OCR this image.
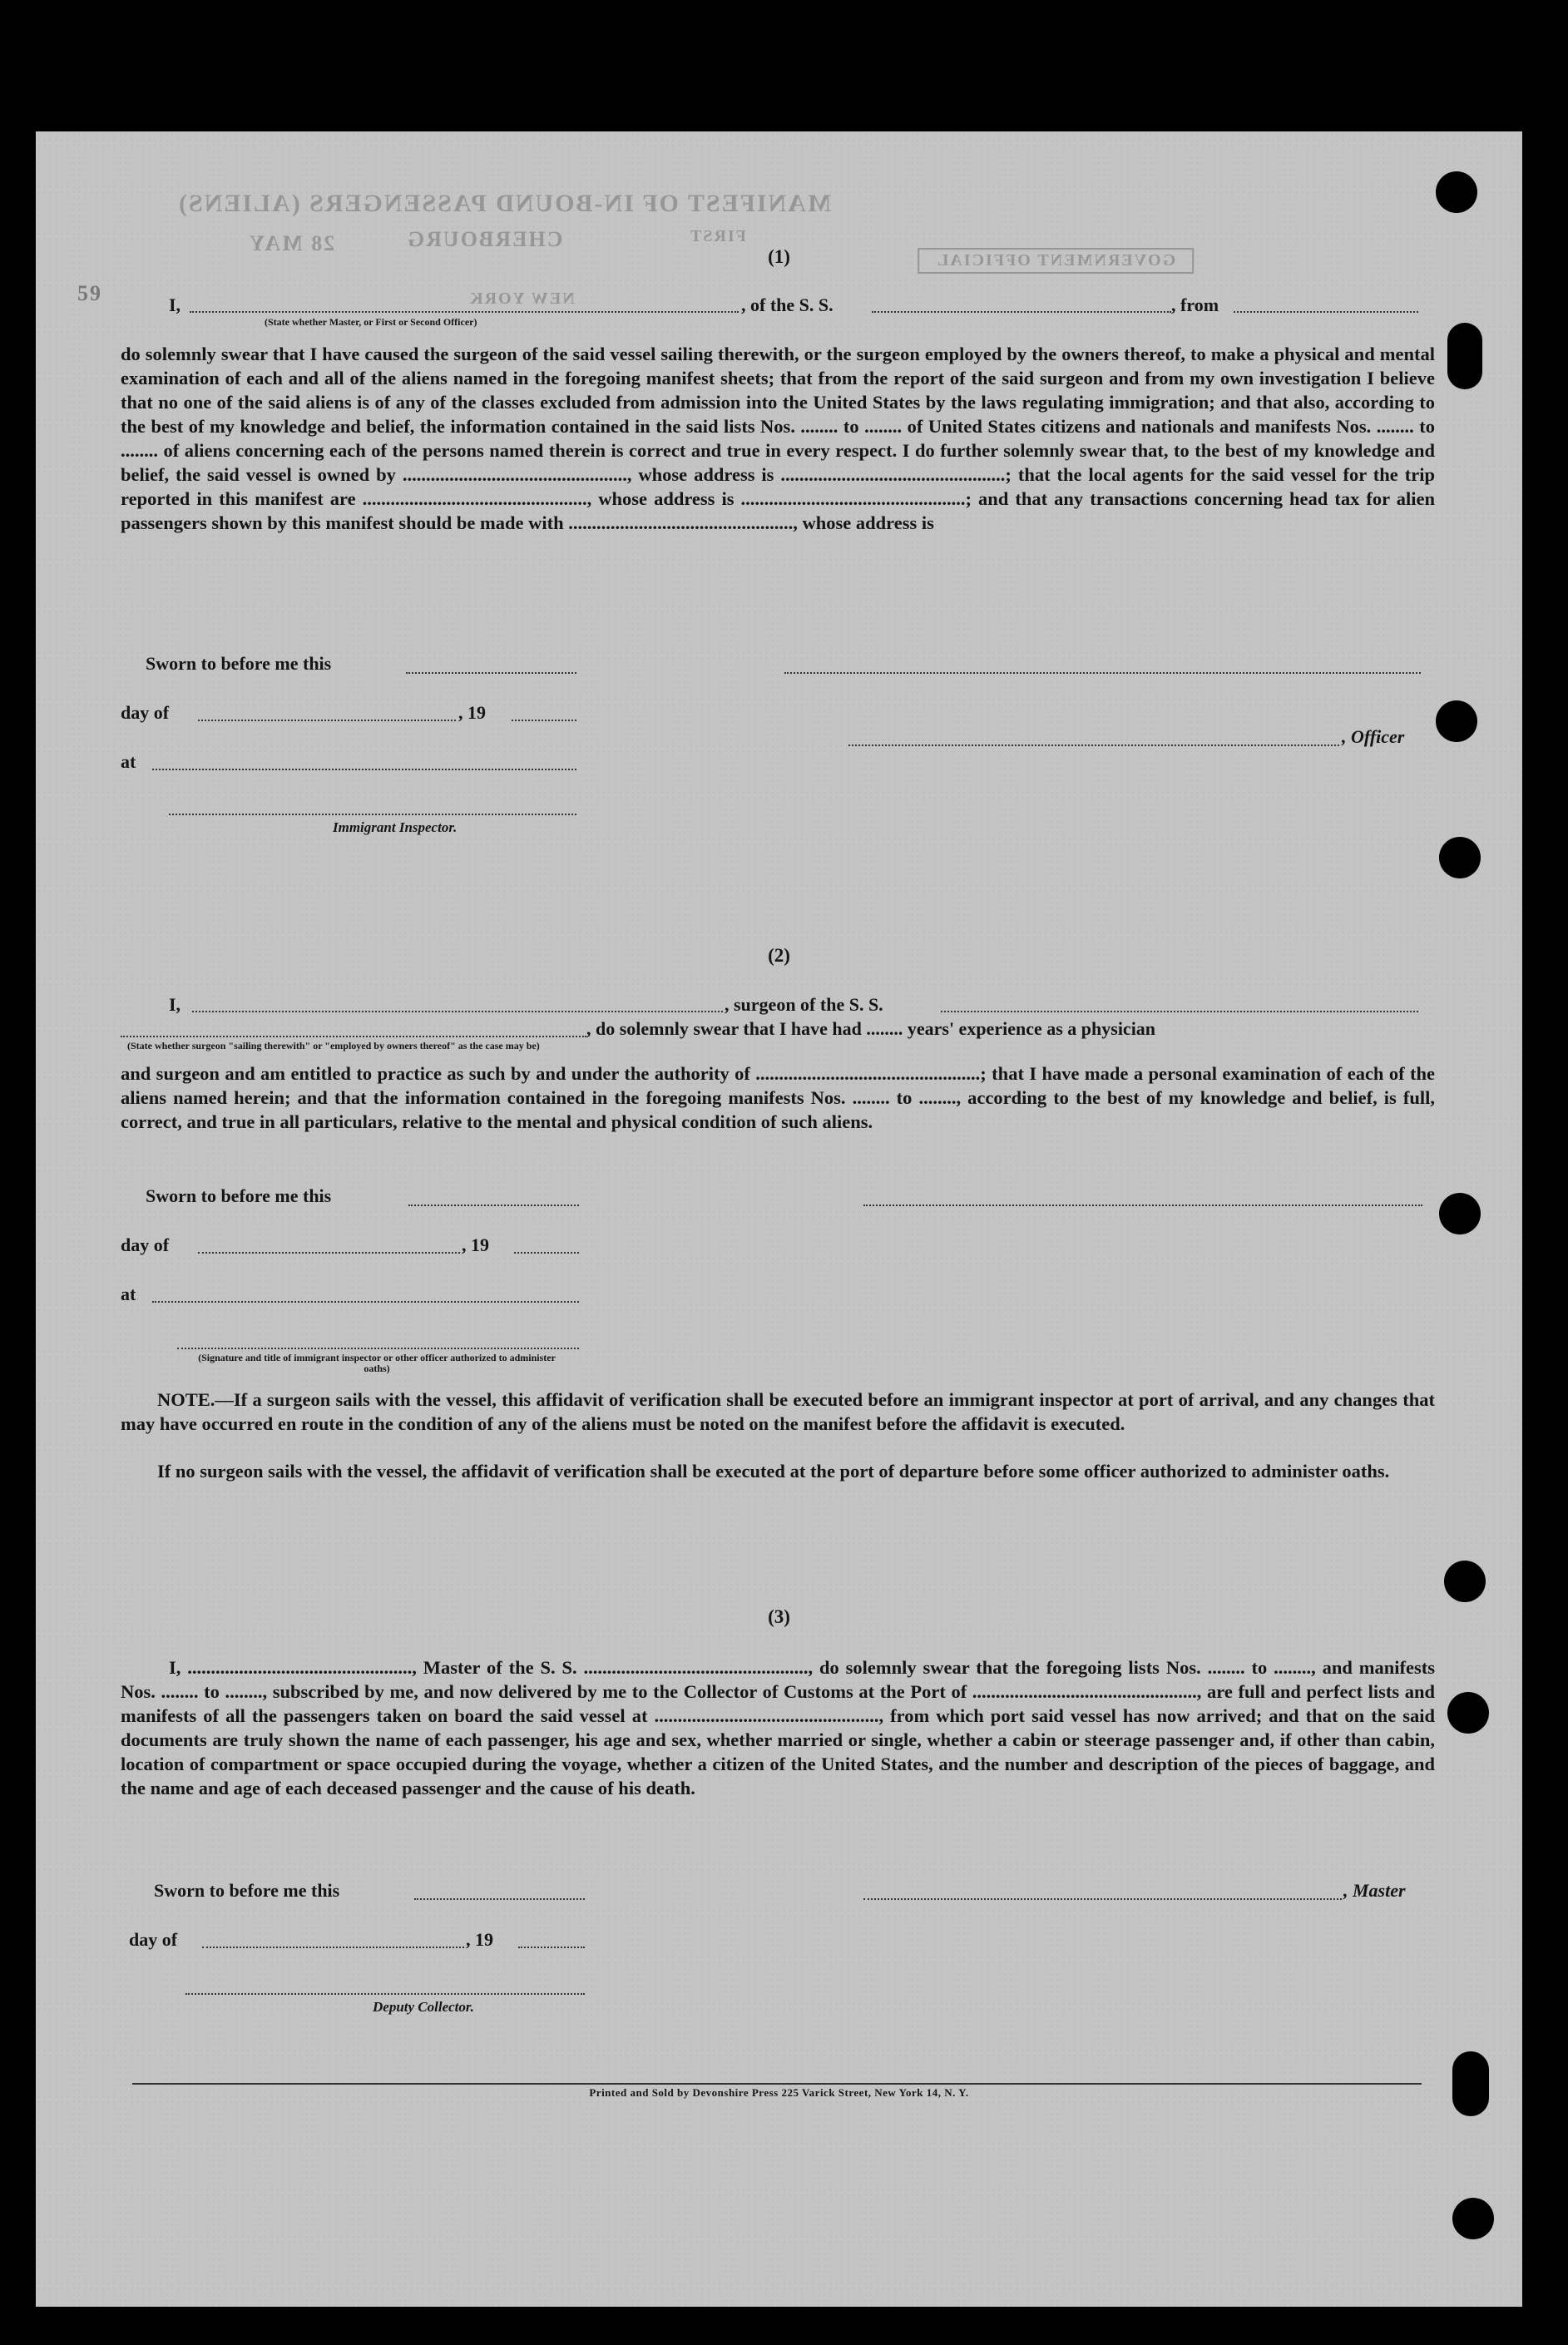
MANIFEST OF IN-BOUND PASSENGERS (ALIENS)
CHERBOURG
28 MAY	FIRST
NEW YORK
GOVERNMENT OFFICIAL
59
(1)
I,	, of the S. S.	, from
(State whether Master, or First or Second Officer)
do solemnly swear that I have caused the surgeon of the said vessel sailing therewith, or the surgeon employed by the owners thereof, to make a physical and mental examination of each and all of the aliens named in the foregoing manifest sheets; that from the report of the said surgeon and from my own investigation I believe that no one of the said aliens is of any of the classes excluded from admission into the United States by the laws regulating immigration; and that also, according to the best of my knowledge and belief, the information contained in the said lists Nos. ........ to ........ of United States citizens and nationals and manifests Nos. ........ to ........ of aliens concerning each of the persons named therein is correct and true in every respect. I do further solemnly swear that, to the best of my knowledge and belief, the said vessel is owned by ................................................, whose address is ................................................; that the local agents for the said vessel for the trip reported in this manifest are ................................................, whose address is ................................................; and that any transactions concerning head tax for alien passengers shown by this manifest should be made with ................................................, whose address is
Sworn to before me this
day of	, 19
, Officer
at
Immigrant Inspector.
(2)
I,	, surgeon of the S. S.
, do solemnly swear that I have had ........ years' experience as a physician
(State whether surgeon "sailing therewith" or "employed by owners thereof" as the case may be)
and surgeon and am entitled to practice as such by and under the authority of ................................................; that I have made a personal examination of each of the aliens named herein; and that the information contained in the foregoing manifests Nos. ........ to ........, according to the best of my knowledge and belief, is full, correct, and true in all particulars, relative to the mental and physical condition of such aliens.
Sworn to before me this
day of	, 19
at
(Signature and title of immigrant inspector or other officer authorized to administer oaths)
NOTE.—If a surgeon sails with the vessel, this affidavit of verification shall be executed before an immigrant inspector at port of arrival, and any changes that may have occurred en route in the condition of any of the aliens must be noted on the manifest before the affidavit is executed.
If no surgeon sails with the vessel, the affidavit of verification shall be executed at the port of departure before some officer authorized to administer oaths.
(3)
I, ................................................, Master of the S. S. ................................................, do solemnly swear that the foregoing lists Nos. ........ to ........, and manifests Nos. ........ to ........, subscribed by me, and now delivered by me to the Collector of Customs at the Port of ................................................, are full and perfect lists and manifests of all the passengers taken on board the said vessel at ................................................, from which port said vessel has now arrived; and that on the said documents are truly shown the name of each passenger, his age and sex, whether married or single, whether a cabin or steerage passenger and, if other than cabin, location of compartment or space occupied during the voyage, whether a citizen of the United States, and the number and description of the pieces of baggage, and the name and age of each deceased passenger and the cause of his death.
Sworn to before me this	, Master
day of	, 19
Deputy Collector.
Printed and Sold by Devonshire Press 225 Varick Street, New York 14, N. Y.
